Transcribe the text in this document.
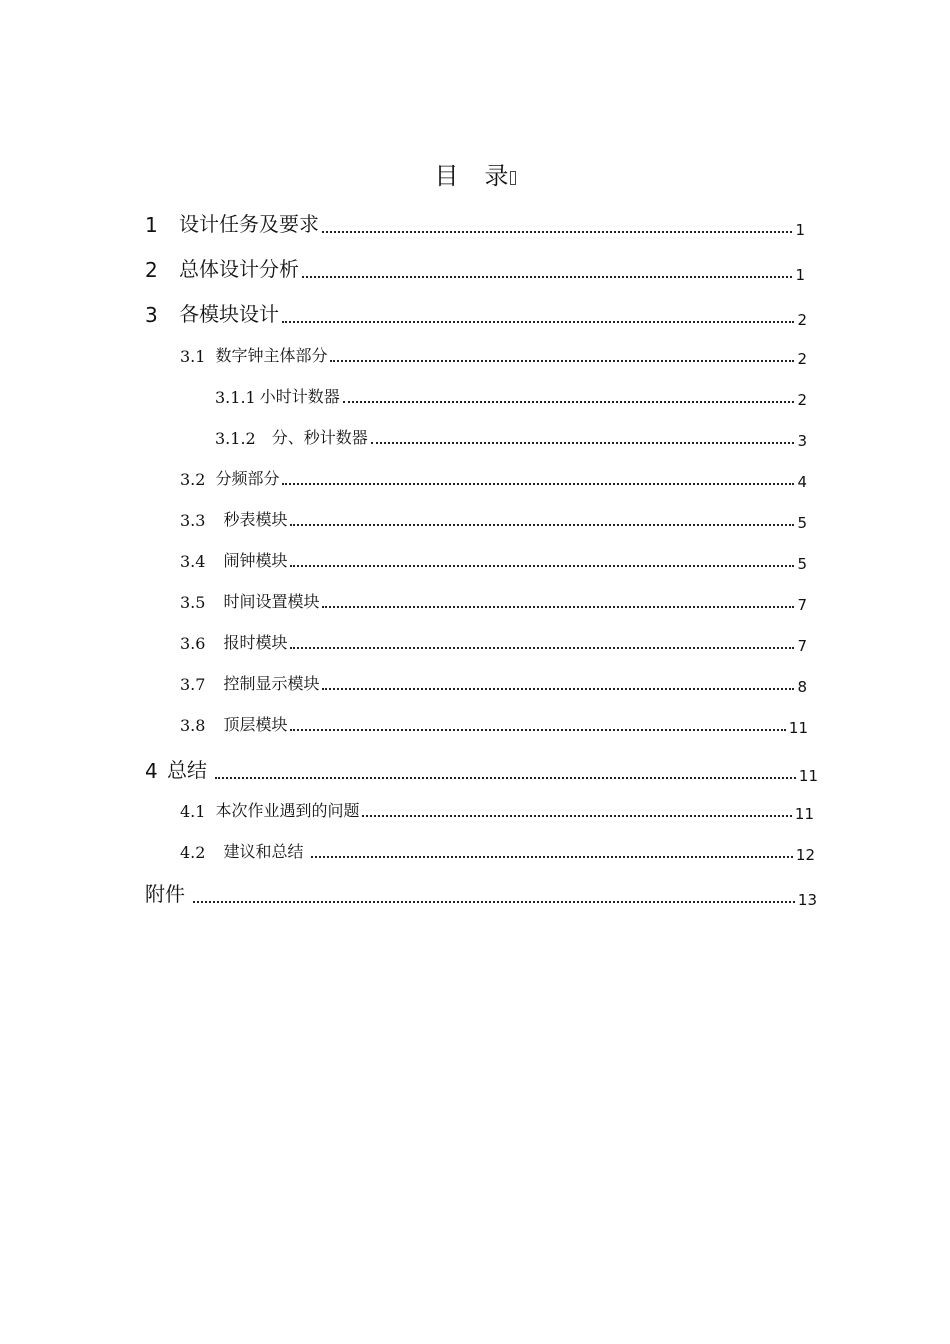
目 录
1	设计任务及要求	1
2	总体设计分析	1
3	各模块设计	2
3.1 数字钟主体部分	2
3.1.1 小时计数器	2
3.1.2 分、秒计数器	3
3.2 分频部分	4
3.3 秒表模块	5
3.4 闹钟模块	5
3.5 时间设置模块	7
3.6 报时模块	7
3.7 控制显示模块	8
3.8 顶层模块	11
4 总结	11
4.1 本次作业遇到的问题	11
4.2 建议和总结	12
附件	13
